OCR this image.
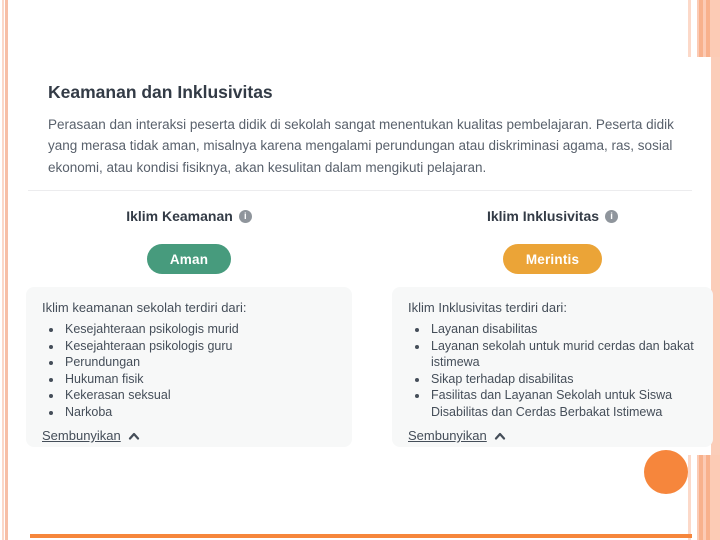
Keamanan dan Inklusivitas

Perasaan dan interaksi peserta didik di sekolah sangat menentukan kualitas pembelajaran. Peserta didik yang merasa tidak aman, misalnya karena mengalami perundungan atau diskriminasi agama, ras, sosial ekonomi, atau kondisi fisiknya, akan kesulitan dalam mengikuti pelajaran.

Iklim Keamanan	i
Aman

Iklim keamanan sekolah terdiri dari:

• Kesejahteraan psikologis murid
• Kesejahteraan psikologis guru
• Perundungan
• Hukuman fisik
• Kekerasan seksual
• Narkoba
Sembunyikan
Iklim Inklusivitas	i
Merintis

Iklim Inklusivitas terdiri dari:

• Layanan disabilitas
• Layanan sekolah untuk murid cerdas dan bakat istimewa
• Sikap terhadap disabilitas
• Fasilitas dan Layanan Sekolah untuk Siswa Disabilitas dan Cerdas Berbakat Istimewa
Sembunyikan
